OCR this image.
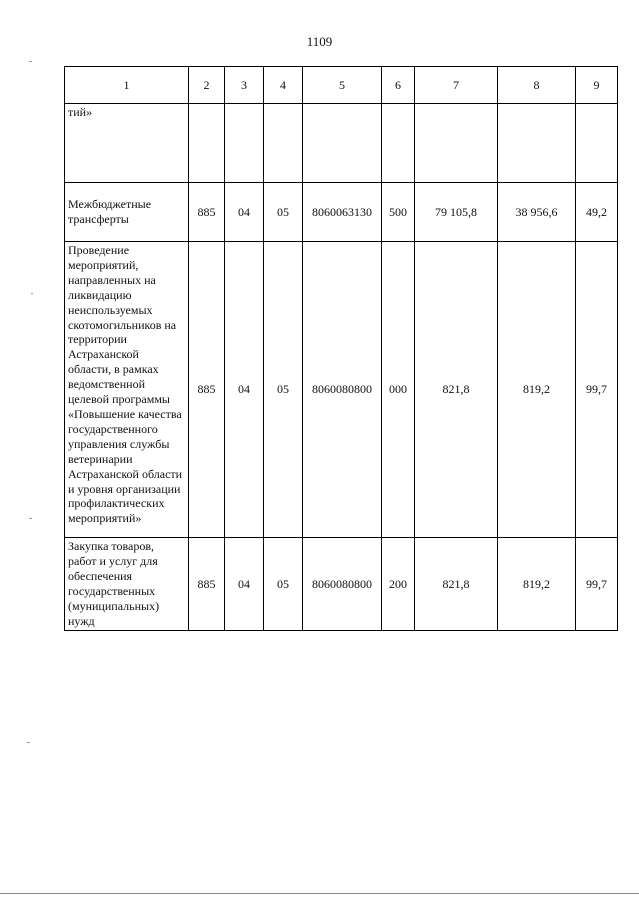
1109
1	2	3	4	5	6	7	8	9
тий»								
Межбюджетные трансферты	885	04	05	8060063130	500	79 105,8	38 956,6	49,2
Проведение мероприятий, направленных на ликвидацию неиспользуемых скотомогильников на территории Астраханской области, в рамках ведомственной целевой программы «Повышение качества государственного управления службы ветеринарии Астраханской области и уровня организации профилактических мероприятий»	885	04	05	8060080800	000	821,8	819,2	99,7
Закупка товаров, работ и услуг для обеспечения государственных (муниципальных) нужд	885	04	05	8060080800	200	821,8	819,2	99,7
